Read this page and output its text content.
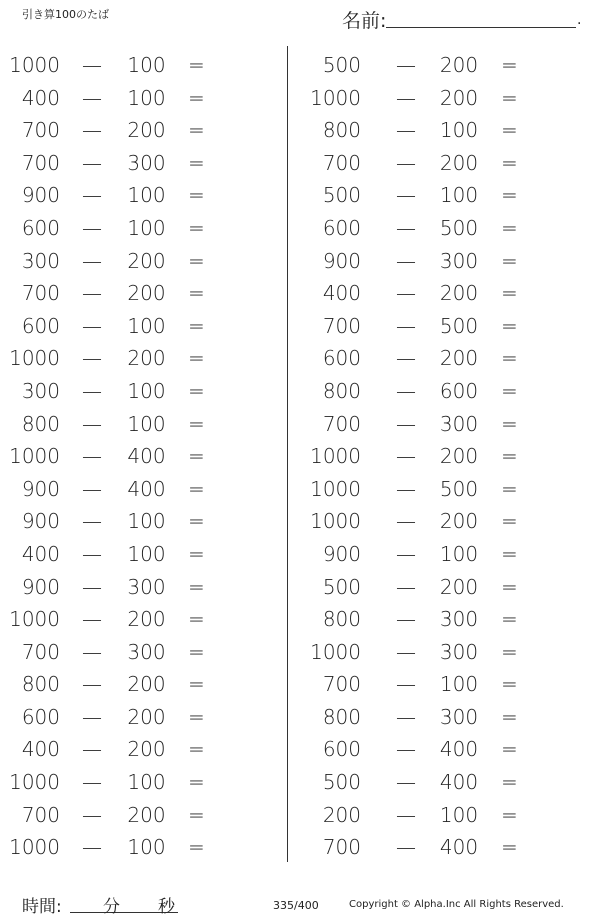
引き算100のたば	名前:	.
1000 — 100 =
400 — 100 =
700 — 200 =
700 — 300 =
900 — 100 =
600 — 100 =
300 — 200 =
700 — 200 =
600 — 100 =
1000 — 200 =
300 — 100 =
800 — 100 =
1000 — 400 =
900 — 400 =
900 — 100 =
400 — 100 =
900 — 300 =
1000 — 200 =
700 — 300 =
800 — 200 =
600 — 200 =
400 — 200 =
1000 — 100 =
700 — 200 =
1000 — 100 =
500 — 200 =
1000 — 200 =
800 — 100 =
700 — 200 =
500 — 100 =
600 — 500 =
900 — 300 =
400 — 200 =
700 — 500 =
600 — 200 =
800 — 600 =
700 — 300 =
1000 — 200 =
1000 — 500 =
1000 — 200 =
900 — 100 =
500 — 200 =
800 — 300 =
1000 — 300 =
700 — 100 =
800 — 300 =
600 — 400 =
500 — 400 =
200 — 100 =
700 — 400 =
時間: 分 秒	335/400	Copyright © Alpha.Inc All Rights Reserved.
